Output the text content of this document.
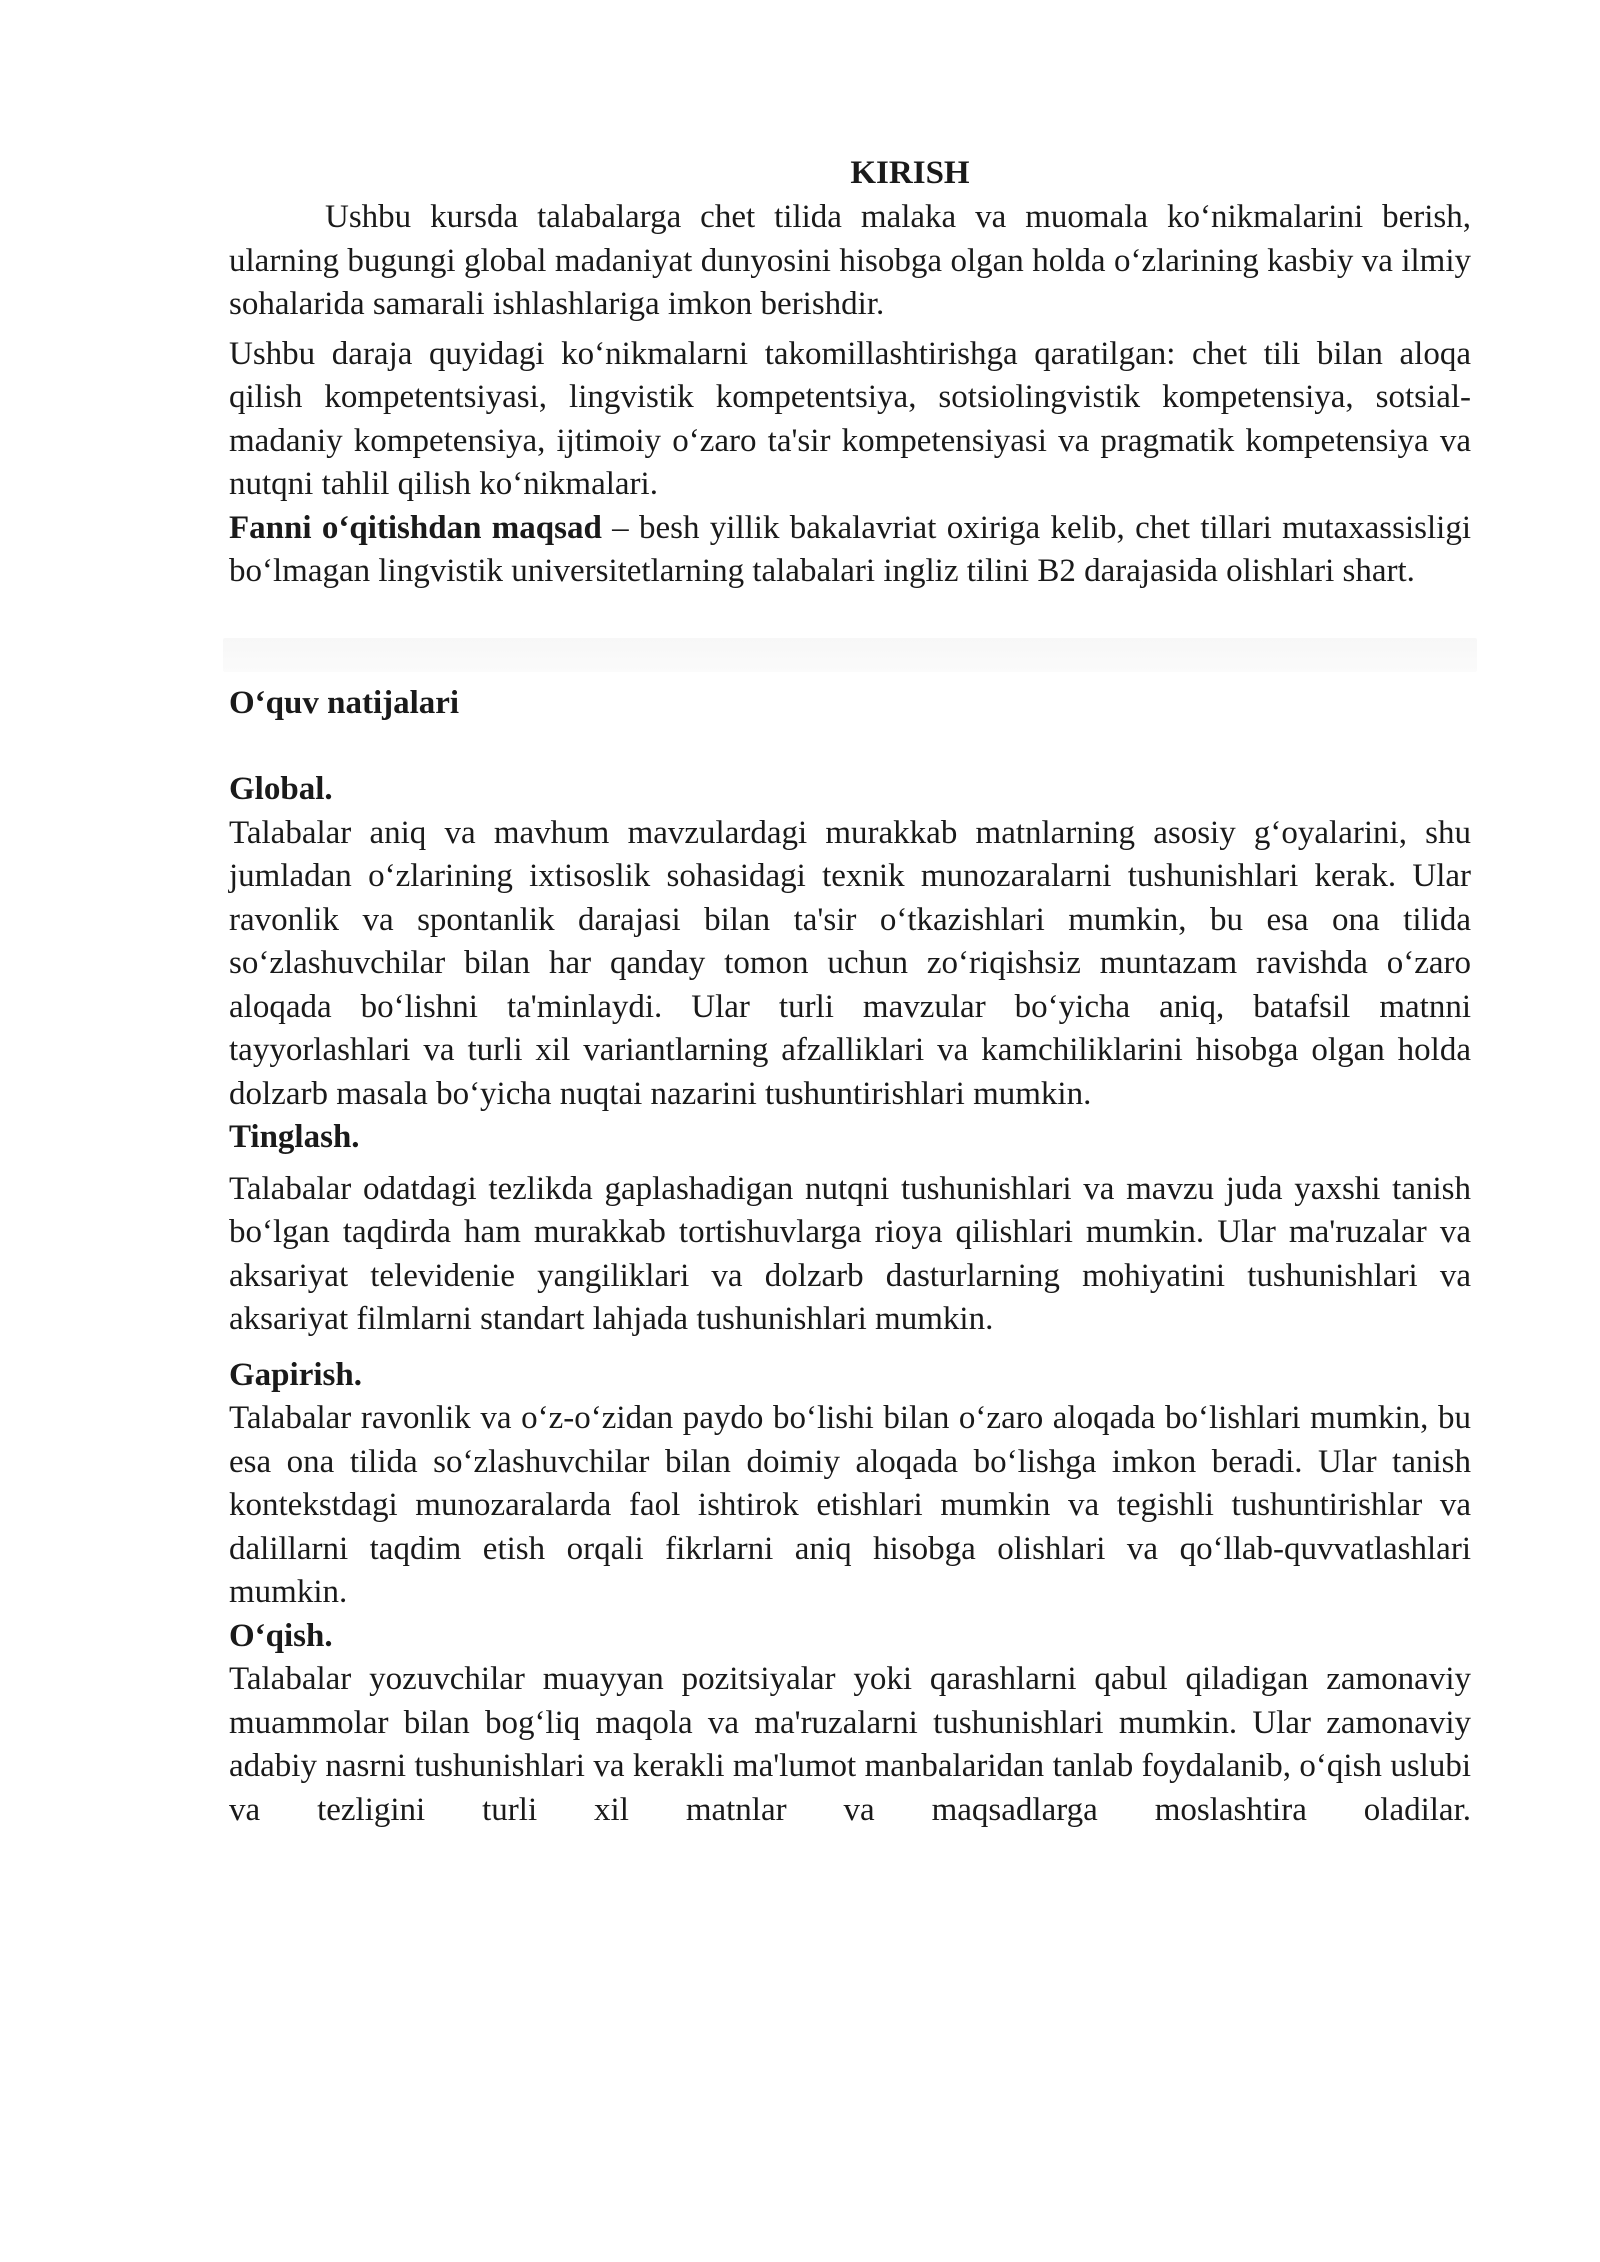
KIRISH

Ushbu kursda talabalarga chet tilida malaka va muomala ko‘nikmalarini berish, ularning bugungi global madaniyat dunyosini hisobga olgan holda o‘zlarining kasbiy va ilmiy sohalarida samarali ishlashlariga imkon berishdir.

Ushbu daraja quyidagi ko‘nikmalarni takomillashtirishga qaratilgan: chet tili bilan aloqa qilish kompetentsiyasi, lingvistik kompetentsiya, sotsiolingvistik kompetensiya, sotsial-madaniy kompetensiya, ijtimoiy o‘zaro ta'sir kompetensiyasi va pragmatik kompetensiya va nutqni tahlil qilish ko‘nikmalari.

Fanni o‘qitishdan maqsad – besh yillik bakalavriat oxiriga kelib, chet tillari mutaxassisligi bo‘lmagan lingvistik universitetlarning talabalari ingliz tilini B2 darajasida olishlari shart.

O‘quv natijalari
Global.

Talabalar aniq va mavhum mavzulardagi murakkab matnlarning asosiy g‘oyalarini, shu jumladan o‘zlarining ixtisoslik sohasidagi texnik munozaralarni tushunishlari kerak. Ular ravonlik va spontanlik darajasi bilan ta'sir o‘tkazishlari mumkin, bu esa ona tilida so‘zlashuvchilar bilan har qanday tomon uchun zo‘riqishsiz muntazam ravishda o‘zaro aloqada bo‘lishni ta'minlaydi. Ular turli mavzular bo‘yicha aniq, batafsil matnni tayyorlashlari va turli xil variantlarning afzalliklari va kamchiliklarini hisobga olgan holda dolzarb masala bo‘yicha nuqtai nazarini tushuntirishlari mumkin.

Tinglash.

Talabalar odatdagi tezlikda gaplashadigan nutqni tushunishlari va mavzu juda yaxshi tanish bo‘lgan taqdirda ham murakkab tortishuvlarga rioya qilishlari mumkin. Ular ma'ruzalar va aksariyat televidenie yangiliklari va dolzarb dasturlarning mohiyatini tushunishlari va aksariyat filmlarni standart lahjada tushunishlari mumkin.

Gapirish.

Talabalar ravonlik va o‘z-o‘zidan paydo bo‘lishi bilan o‘zaro aloqada bo‘lishlari mumkin, bu esa ona tilida so‘zlashuvchilar bilan doimiy aloqada bo‘lishga imkon beradi. Ular tanish kontekstdagi munozaralarda faol ishtirok etishlari mumkin va tegishli tushuntirishlar va dalillarni taqdim etish orqali fikrlarni aniq hisobga olishlari va qo‘llab-quvvatlashlari mumkin.

O‘qish.

Talabalar yozuvchilar muayyan pozitsiyalar yoki qarashlarni qabul qiladigan zamonaviy muammolar bilan bog‘liq maqola va ma'ruzalarni tushunishlari mumkin. Ular zamonaviy adabiy nasrni tushunishlari va kerakli ma'lumot manbalaridan tanlab foydalanib, o‘qish uslubi va tezligini turli xil matnlar va maqsadlarga moslashtira oladilar.
